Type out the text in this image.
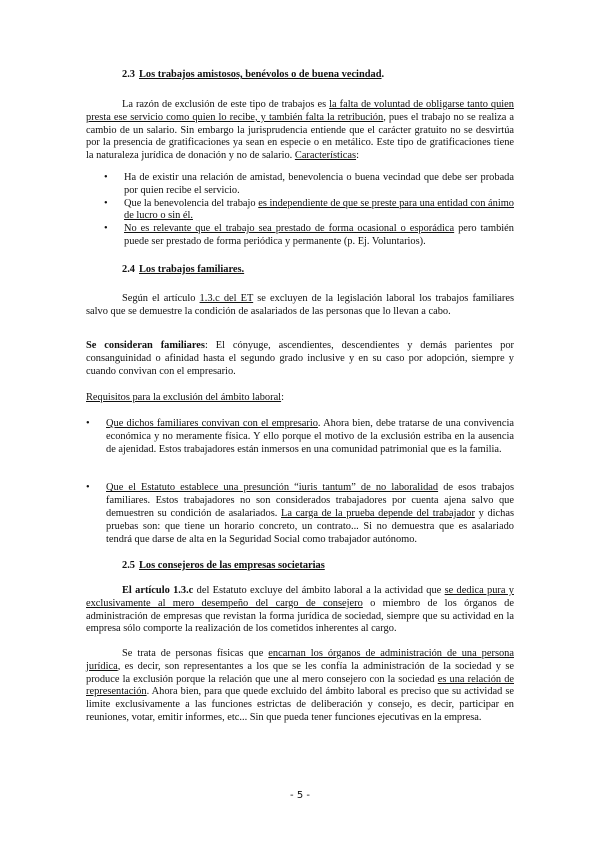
2.3 Los trabajos amistosos, benévolos o de buena vecindad.
La razón de exclusión de este tipo de trabajos es la falta de voluntad de obligarse tanto quien presta ese servicio como quien lo recibe, y también falta la retribución, pues el trabajo no se realiza a cambio de un salario. Sin embargo la jurisprudencia entiende que el carácter gratuito no se desvirtúa por la presencia de gratificaciones ya sean en especie o en metálico. Este tipo de gratificaciones tiene la naturaleza jurídica de donación y no de salario. Características:
•	Ha de existir una relación de amistad, benevolencia o buena vecindad que debe ser probada por quien recibe el servicio.
•	Que la benevolencia del trabajo es independiente de que se preste para una entidad con ánimo de lucro o sin él.
•	No es relevante que el trabajo sea prestado de forma ocasional o esporádica pero también puede ser prestado de forma periódica y permanente (p. Ej. Voluntarios).
2.4 Los trabajos familiares.
Según el artículo 1.3.c del ET se excluyen de la legislación laboral los trabajos familiares salvo que se demuestre la condición de asalariados de las personas que lo llevan a cabo.
Se consideran familiares: El cónyuge, ascendientes, descendientes y demás parientes por consanguinidad o afinidad hasta el segundo grado inclusive y en su caso por adopción, siempre y cuando convivan con el empresario.
Requisitos para la exclusión del ámbito laboral:
•	Que dichos familiares convivan con el empresario. Ahora bien, debe tratarse de una convivencia económica y no meramente física. Y ello porque el motivo de la exclusión estriba en la ausencia de ajenidad. Estos trabajadores están inmersos en una comunidad patrimonial que es la familia.
•	Que el Estatuto establece una presunción “iuris tantum” de no laboralidad de esos trabajos familiares. Estos trabajadores no son considerados trabajadores por cuenta ajena salvo que demuestren su condición de asalariados. La carga de la prueba depende del trabajador y dichas pruebas son: que tiene un horario concreto, un contrato... Si no demuestra que es asalariado tendrá que darse de alta en la Seguridad Social como trabajador autónomo.
2.5 Los consejeros de las empresas societarias
El artículo 1.3.c del Estatuto excluye del ámbito laboral a la actividad que se dedica pura y exclusivamente al mero desempeño del cargo de consejero o miembro de los órganos de administración de empresas que revistan la forma jurídica de sociedad, siempre que su actividad en la empresa sólo comporte la realización de los cometidos inherentes al cargo.
Se trata de personas físicas que encarnan los órganos de administración de una persona jurídica, es decir, son representantes a los que se les confía la administración de la sociedad y se produce la exclusión porque la relación que une al mero consejero con la sociedad es una relación de representación. Ahora bien, para que quede excluido del ámbito laboral es preciso que su actividad se limite exclusivamente a las funciones estrictas de deliberación y consejo, es decir, participar en reuniones, votar, emitir informes, etc... Sin que pueda tener funciones ejecutivas en la empresa.
- 5 -
